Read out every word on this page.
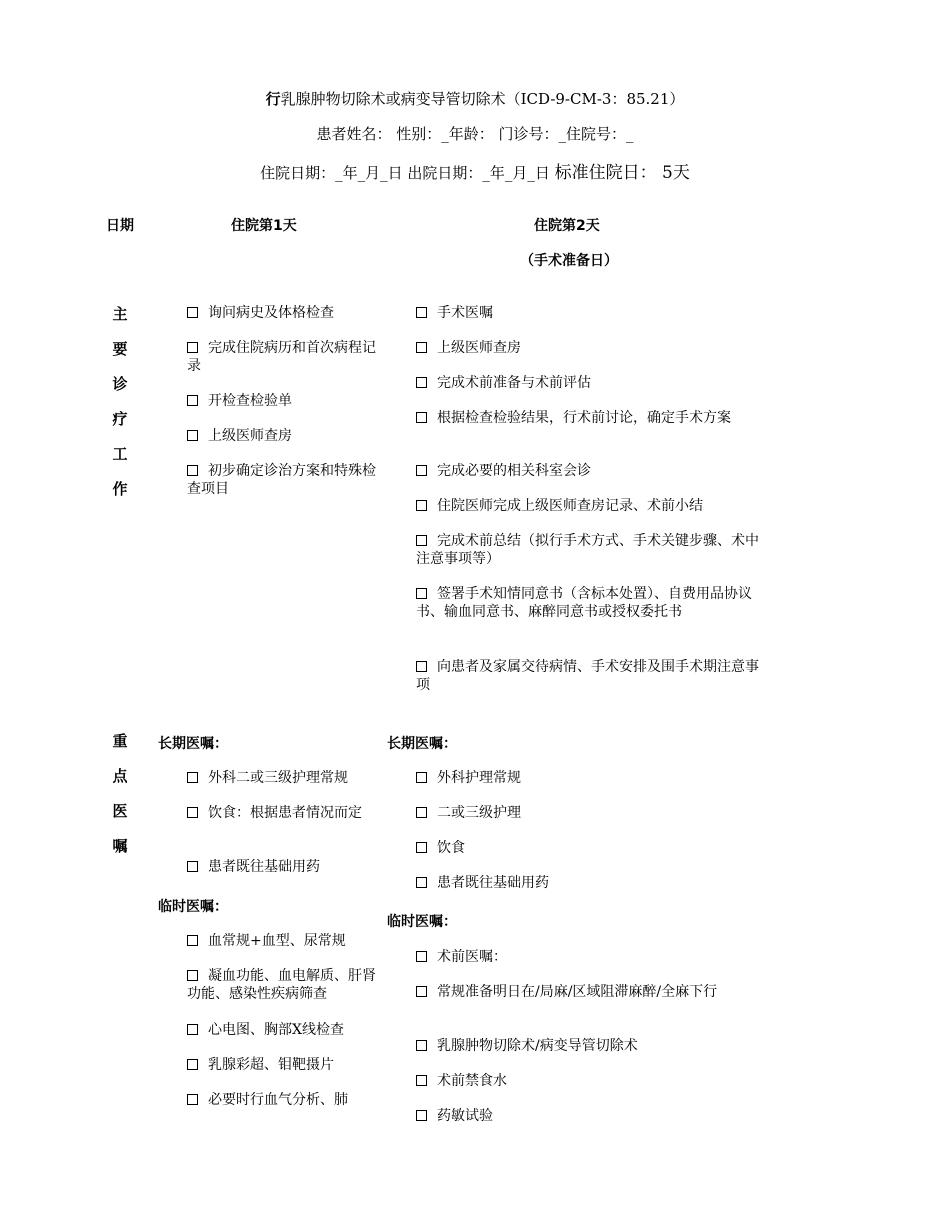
行乳腺肿物切除术或病变导管切除术（ICD-9-CM-3：85.21）
患者姓名： 性别：_年龄： 门诊号：_住院号：_
住院日期：_年_月_日 出院日期：_年_月_日 标准住院日： 5天
日期	住院第1天	住院第2天
（手术准备日）
主
要
诊
疗
工
作
询问病史及体格检查
完成住院病历和首次病程记录
开检查检验单
上级医师查房
初步确定诊治方案和特殊检查项目
手术医嘱
上级医师查房
完成术前准备与术前评估
根据检查检验结果，行术前讨论，确定手术方案
完成必要的相关科室会诊
住院医师完成上级医师查房记录、术前小结
完成术前总结（拟行手术方式、手术关键步骤、术中注意事项等）
签署手术知情同意书（含标本处置）、自费用品协议书、输血同意书、麻醉同意书或授权委托书
向患者及家属交待病情、手术安排及围手术期注意事项
重
点
医
嘱
长期医嘱：
外科二或三级护理常规
饮食：根据患者情况而定
患者既往基础用药
临时医嘱：
血常规+血型、尿常规
凝血功能、血电解质、肝肾功能、感染性疾病筛查
心电图、胸部X线检查
乳腺彩超、钼靶摄片
必要时行血气分析、肺
长期医嘱：
外科护理常规
二或三级护理
饮食
患者既往基础用药
临时医嘱：
术前医嘱：
常规准备明日在/局麻/区域阻滞麻醉/全麻下行
乳腺肿物切除术/病变导管切除术
术前禁食水
药敏试验
